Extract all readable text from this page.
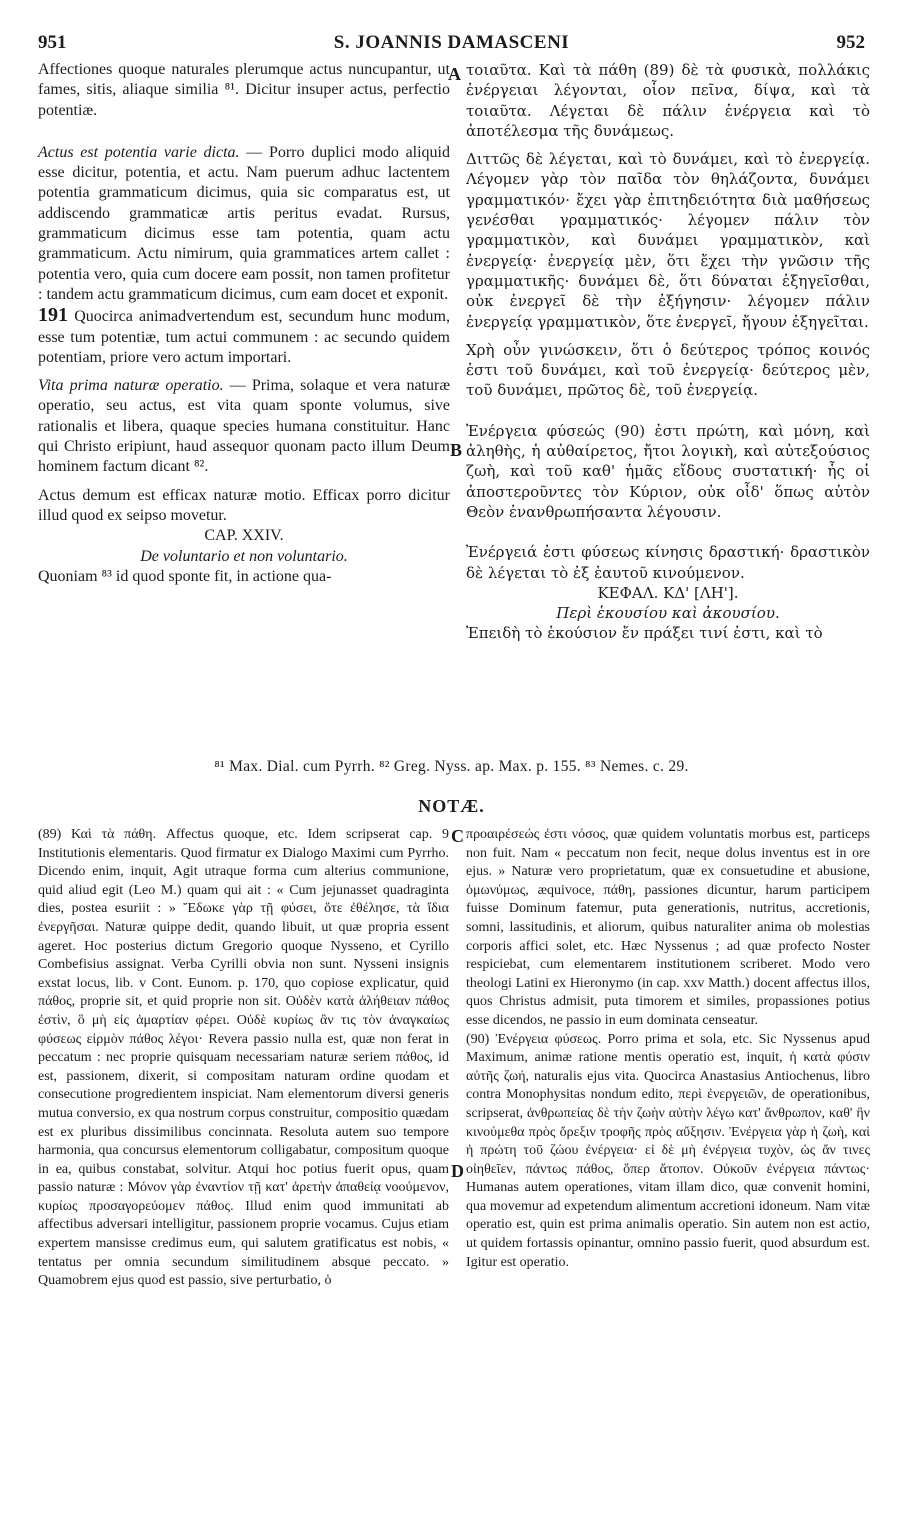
951	S. JOANNIS DAMASCENI	952
A
B
C
D

Affectiones quoque naturales plerumque actus nuncupantur, ut fames, sitis, aliaque similia ⁸¹. Dicitur insuper actus, perfectio potentiæ.

Actus est potentia varie dicta. — Porro duplici modo aliquid esse dicitur, potentia, et actu. Nam puerum adhuc lactentem potentia grammaticum dicimus, quia sic comparatus est, ut addiscendo grammaticæ artis peritus evadat. Rursus, grammaticum dicimus esse tam potentia, quam actu grammaticum. Actu nimirum, quia grammatices artem callet : potentia vero, quia cum docere eam possit, non tamen profitetur : tandem actu grammaticum dicimus, cum eam docet et exponit.

191 Quocirca animadvertendum est, secundum hunc modum, esse tum potentiæ, tum actui communem : ac secundo quidem potentiam, priore vero actum importari.

Vita prima naturæ operatio. — Prima, solaque et vera naturæ operatio, seu actus, est vita quam sponte volumus, sive rationalis et libera, quaque species humana constituitur. Hanc qui Christo eripiunt, haud assequor quonam pacto illum Deum hominem factum dicant ⁸².

Actus demum est efficax naturæ motio. Efficax porro dicitur illud quod ex seipso movetur.

CAP. XXIV.

De voluntario et non voluntario.

Quoniam ⁸³ id quod sponte fit, in actione qua-

τοιαῦτα. Καὶ τὰ πάθη (89) δὲ τὰ φυσικὰ, πολλάκις ἐνέργειαι λέγονται, οἷον πεῖνα, δίψα, καὶ τὰ τοιαῦτα. Λέγεται δὲ πάλιν ἐνέργεια καὶ τὸ ἀποτέλεσμα τῆς δυνάμεως.

Διττῶς δὲ λέγεται, καὶ τὸ δυνάμει, καὶ τὸ ἐνεργείᾳ. Λέγομεν γὰρ τὸν παῖδα τὸν θηλάζοντα, δυνάμει γραμματικόν· ἔχει γὰρ ἐπιτηδειότητα διὰ μαθήσεως γενέσθαι γραμματικός· λέγομεν πάλιν τὸν γραμματικὸν, καὶ δυνάμει γραμματικὸν, καὶ ἐνεργείᾳ· ἐνεργείᾳ μὲν, ὅτι ἔχει τὴν γνῶσιν τῆς γραμματικῆς· δυνάμει δὲ, ὅτι δύναται ἐξηγεῖσθαι, οὐκ ἐνεργεῖ δὲ τὴν ἐξήγησιν· λέγομεν πάλιν ἐνεργείᾳ γραμματικὸν, ὅτε ἐνεργεῖ, ἤγουν ἐξηγεῖται.

Χρὴ οὖν γινώσκειν, ὅτι ὁ δεύτερος τρόπος κοινός ἐστι τοῦ δυνάμει, καὶ τοῦ ἐνεργείᾳ· δεύτερος μὲν, τοῦ δυνάμει, πρῶτος δὲ, τοῦ ἐνεργείᾳ.

Ἐνέργεια φύσεώς (90) ἐστι πρώτη, καὶ μόνη, καὶ ἀληθὴς, ἡ αὐθαίρετος, ἤτοι λογικὴ, καὶ αὐτεξούσιος ζωὴ, καὶ τοῦ καθ' ἡμᾶς εἴδους συστατική· ἧς οἱ ἀποστεροῦντες τὸν Κύριον, οὐκ οἶδ' ὅπως αὐτὸν Θεὸν ἐνανθρωπήσαντα λέγουσιν.

Ἐνέργειά ἐστι φύσεως κίνησις δραστική· δραστικὸν δὲ λέγεται τὸ ἐξ ἑαυτοῦ κινούμενον.

ΚΕΦΑΛ. ΚΔ' [ΛΗ'].

Περὶ ἑκουσίου καὶ ἀκουσίου.

Ἐπειδὴ τὸ ἑκούσιον ἔν πράξει τινί ἐστι, καὶ τὸ

⁸¹ Max. Dial. cum Pyrrh. ⁸² Greg. Nyss. ap. Max. p. 155. ⁸³ Nemes. c. 29.
NOTÆ.

(89) Καὶ τὰ πάθη. Affectus quoque, etc. Idem scripserat cap. 9 Institutionis elementaris. Quod firmatur ex Dialogo Maximi cum Pyrrho. Dicendo enim, inquit, Agit utraque forma cum alterius communione, quid aliud egit (Leo M.) quam qui ait : « Cum jejunasset quadraginta dies, postea esuriit : » Ἔδωκε γὰρ τῇ φύσει, ὅτε ἐθέλησε, τὰ ἴδια ἐνεργῆσαι. Naturæ quippe dedit, quando libuit, ut quæ propria essent ageret. Hoc posterius dictum Gregorio quoque Nysseno, et Cyrillo Combefisius assignat. Verba Cyrilli obvia non sunt. Nysseni insignis exstat locus, lib. v Cont. Eunom. p. 170, quo copiose explicatur, quid πάθος, proprie sit, et quid proprie non sit. Οὐδὲν κατὰ ἀλήθειαν πάθος ἐστὶν, ὃ μὴ εἰς ἁμαρτίαν φέρει. Οὐδὲ κυρίως ἂν τις τὸν ἀναγκαίως φύσεως εἱρμὸν πάθος λέγοι· Revera passio nulla est, quæ non ferat in peccatum : nec proprie quisquam necessariam naturæ seriem πάθος, id est, passionem, dixerit, si compositam naturam ordine quodam et consecutione progredientem inspiciat. Nam elementorum diversi generis mutua conversio, ex qua nostrum corpus construitur, compositio quædam est ex pluribus dissimilibus concinnata. Resoluta autem suo tempore harmonia, qua concursus elementorum colligabatur, compositum quoque in ea, quibus constabat, solvitur. Atqui hoc potius fuerit opus, quam passio naturæ : Μόνον γὰρ ἐναντίον τῇ κατ' ἀρετὴν ἀπαθείᾳ νοούμενον, κυρίως προσαγορεύομεν πάθος. Illud enim quod immunitati ab affectibus adversari intelligitur, passionem proprie vocamus. Cujus etiam expertem mansisse credimus eum, qui salutem gratificatus est nobis, « tentatus per omnia secundum similitudinem absque peccato. » Quamobrem ejus quod est passio, sive perturbatio, ὁ

προαιρέσεώς ἐστι νόσος, quæ quidem voluntatis morbus est, particeps non fuit. Nam « peccatum non fecit, neque dolus inventus est in ore ejus. » Naturæ vero proprietatum, quæ ex consuetudine et abusione, ὁμωνύμως, æquivoce, πάθη, passiones dicuntur, harum participem fuisse Dominum fatemur, puta generationis, nutritus, accretionis, somni, lassitudinis, et aliorum, quibus naturaliter anima ob molestias corporis affici solet, etc. Hæc Nyssenus ; ad quæ profecto Noster respiciebat, cum elementarem institutionem scriberet. Modo vero theologi Latini ex Hieronymo (in cap. xxv Matth.) docent affectus illos, quos Christus admisit, puta timorem et similes, propassiones potius esse dicendos, ne passio in eum dominata censeatur.

(90) Ἐνέργεια φύσεως. Porro prima et sola, etc. Sic Nyssenus apud Maximum, animæ ratione mentis operatio est, inquit, ἡ κατὰ φύσιν αὐτῆς ζωή, naturalis ejus vita. Quocirca Anastasius Antiochenus, libro contra Monophysitas nondum edito, περὶ ἐνεργειῶν, de operationibus, scripserat, ἀνθρωπείας δὲ τὴν ζωὴν αὐτὴν λέγω κατ' ἄνθρωπον, καθ' ἣν κινούμεθα πρὸς ὄρεξιν τροφῆς πρὸς αὔξησιν. Ἐνέργεια γὰρ ἡ ζωὴ, καὶ ἡ πρώτη τοῦ ζώου ἐνέργεια· εἰ δὲ μὴ ἐνέργεια τυχὸν, ὡς ἄν τινες οἰηθεῖεν, πάντως πάθος, ὅπερ ἄτοπον. Οὐκοῦν ἐνέργεια πάντως· Humanas autem operationes, vitam illam dico, quæ convenit homini, qua movemur ad expetendum alimentum accretioni idoneum. Nam vitæ operatio est, quin est prima animalis operatio. Sin autem non est actio, ut quidem fortassis opinantur, omnino passio fuerit, quod absurdum est. Igitur est operatio.
